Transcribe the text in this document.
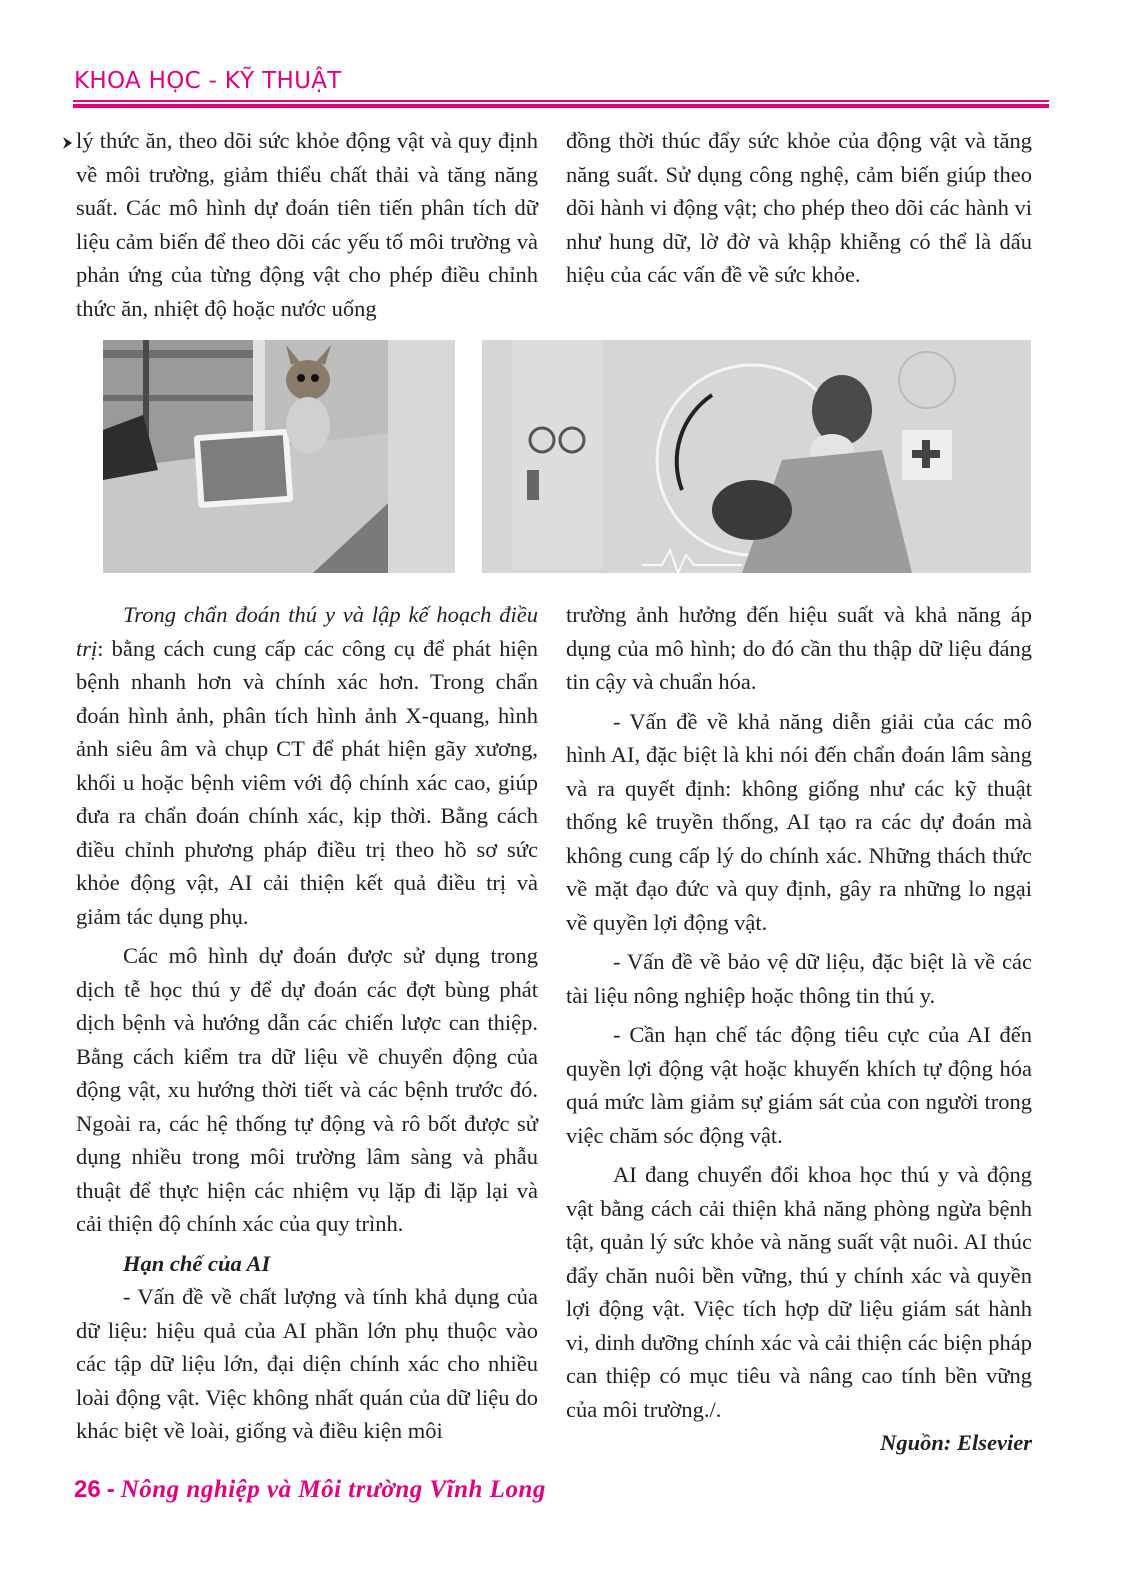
KHOA HỌC - KỸ THUẬT

lý thức ăn, theo dõi sức khỏe động vật và quy định về môi trường, giảm thiểu chất thải và tăng năng suất. Các mô hình dự đoán tiên tiến phân tích dữ liệu cảm biến để theo dõi các yếu tố môi trường và phản ứng của từng động vật cho phép điều chỉnh thức ăn, nhiệt độ hoặc nước uống

đồng thời thúc đẩy sức khỏe của động vật và tăng năng suất. Sử dụng công nghệ, cảm biến giúp theo dõi hành vi động vật; cho phép theo dõi các hành vi như hung dữ, lờ đờ và khập khiễng có thể là dấu hiệu của các vấn đề về sức khỏe.

Trong chẩn đoán thú y và lập kế hoạch điều trị: bằng cách cung cấp các công cụ để phát hiện bệnh nhanh hơn và chính xác hơn. Trong chẩn đoán hình ảnh, phân tích hình ảnh X-quang, hình ảnh siêu âm và chụp CT để phát hiện gãy xương, khối u hoặc bệnh viêm với độ chính xác cao, giúp đưa ra chẩn đoán chính xác, kịp thời. Bằng cách điều chỉnh phương pháp điều trị theo hồ sơ sức khỏe động vật, AI cải thiện kết quả điều trị và giảm tác dụng phụ.

Các mô hình dự đoán được sử dụng trong dịch tễ học thú y để dự đoán các đợt bùng phát dịch bệnh và hướng dẫn các chiến lược can thiệp. Bằng cách kiểm tra dữ liệu về chuyển động của động vật, xu hướng thời tiết và các bệnh trước đó. Ngoài ra, các hệ thống tự động và rô bốt được sử dụng nhiều trong môi trường lâm sàng và phẫu thuật để thực hiện các nhiệm vụ lặp đi lặp lại và cải thiện độ chính xác của quy trình.

Hạn chế của AI

- Vấn đề về chất lượng và tính khả dụng của dữ liệu: hiệu quả của AI phần lớn phụ thuộc vào các tập dữ liệu lớn, đại diện chính xác cho nhiều loài động vật. Việc không nhất quán của dữ liệu do khác biệt về loài, giống và điều kiện môi

trường ảnh hưởng đến hiệu suất và khả năng áp dụng của mô hình; do đó cần thu thập dữ liệu đáng tin cậy và chuẩn hóa.

- Vấn đề về khả năng diễn giải của các mô hình AI, đặc biệt là khi nói đến chẩn đoán lâm sàng và ra quyết định: không giống như các kỹ thuật thống kê truyền thống, AI tạo ra các dự đoán mà không cung cấp lý do chính xác. Những thách thức về mặt đạo đức và quy định, gây ra những lo ngại về quyền lợi động vật.

- Vấn đề về bảo vệ dữ liệu, đặc biệt là về các tài liệu nông nghiệp hoặc thông tin thú y.

- Cần hạn chế tác động tiêu cực của AI đến quyền lợi động vật hoặc khuyến khích tự động hóa quá mức làm giảm sự giám sát của con người trong việc chăm sóc động vật.

AI đang chuyển đổi khoa học thú y và động vật bằng cách cải thiện khả năng phòng ngừa bệnh tật, quản lý sức khỏe và năng suất vật nuôi. AI thúc đẩy chăn nuôi bền vững, thú y chính xác và quyền lợi động vật. Việc tích hợp dữ liệu giám sát hành vi, dinh dưỡng chính xác và cải thiện các biện pháp can thiệp có mục tiêu và nâng cao tính bền vững của môi trường./.

Nguồn: Elsevier

26 - Nông nghiệp và Môi trường Vĩnh Long
